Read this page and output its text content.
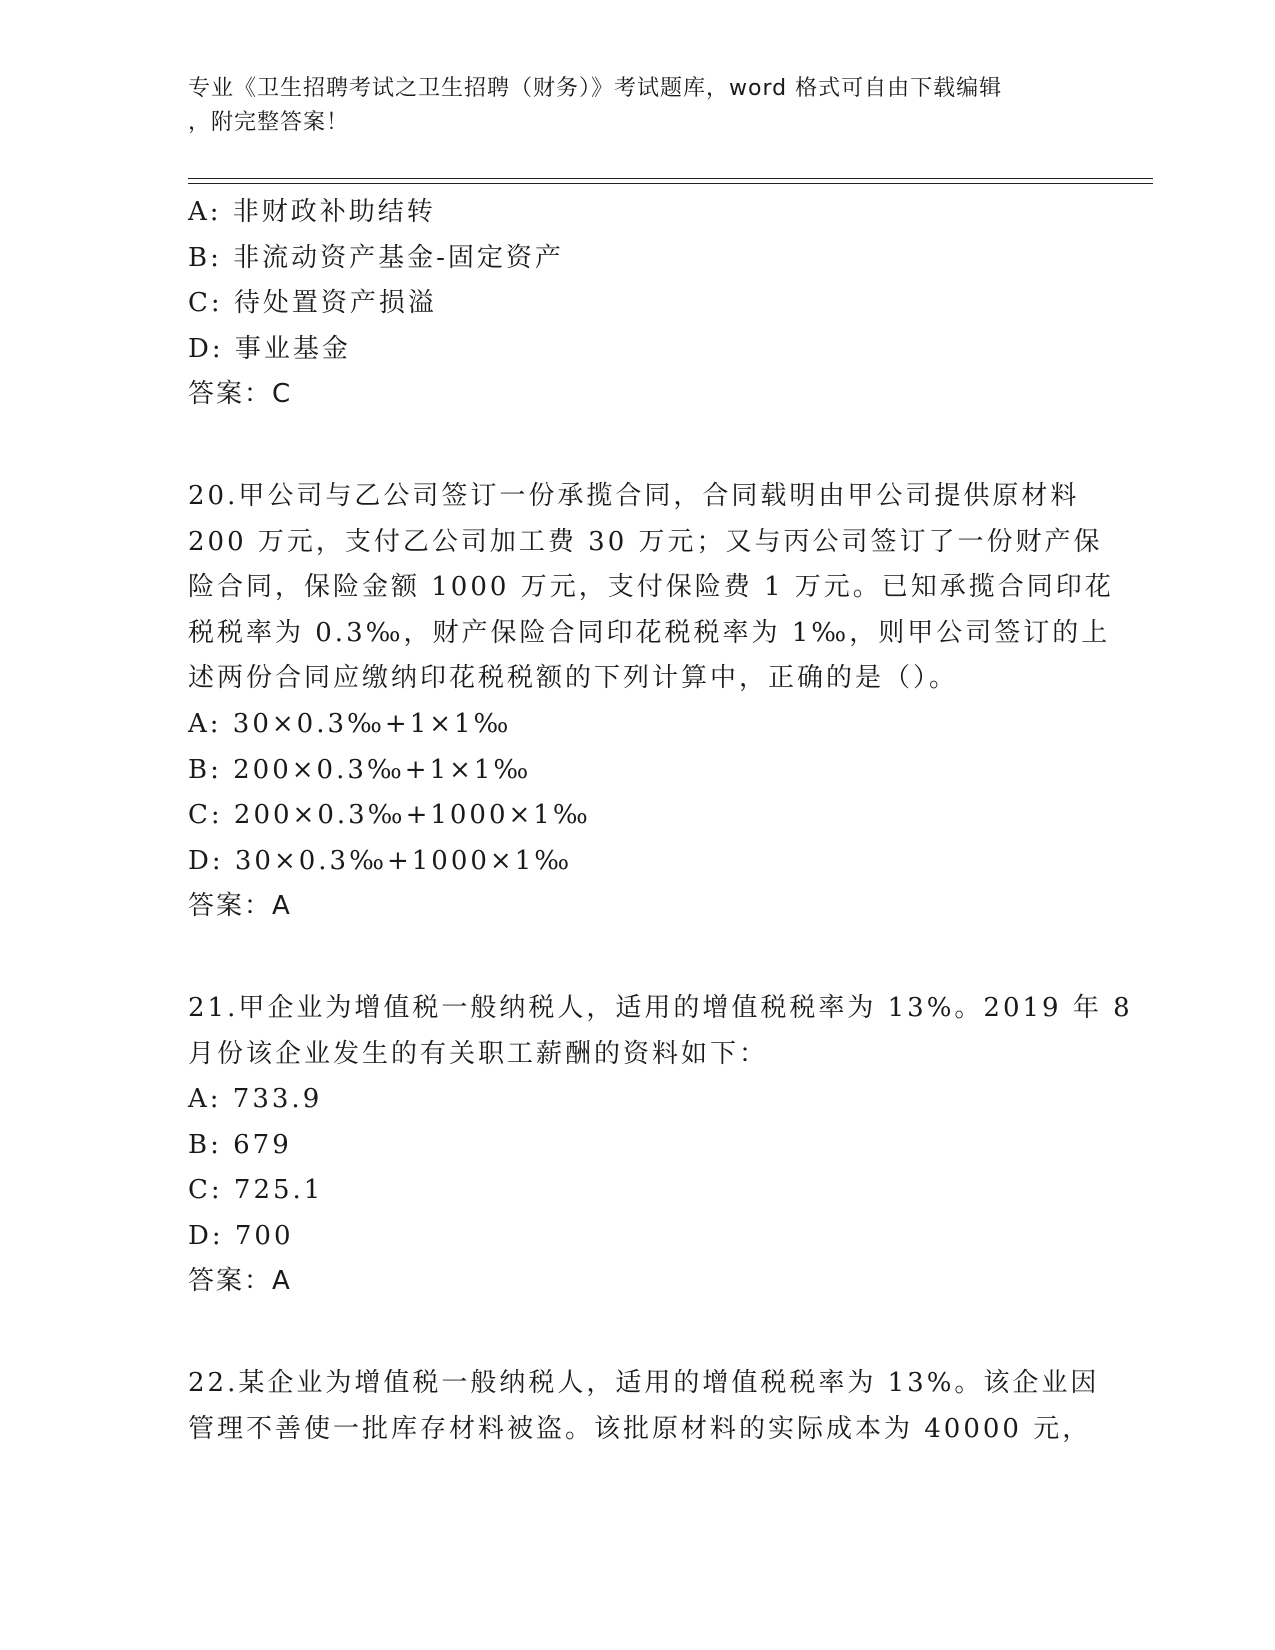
专业《卫生招聘考试之卫生招聘（财务）》考试题库，word 格式可自由下载编辑
，附完整答案！
A: 非财政补助结转
B: 非流动资产基金-固定资产
C: 待处置资产损溢
D: 事业基金
答案：C
20.甲公司与乙公司签订一份承揽合同，合同载明由甲公司提供原材料
200 万元，支付乙公司加工费 30 万元；又与丙公司签订了一份财产保
险合同，保险金额 1000 万元，支付保险费 1 万元。已知承揽合同印花
税税率为 0.3‰，财产保险合同印花税税率为 1‰，则甲公司签订的上
述两份合同应缴纳印花税税额的下列计算中，正确的是（）。
A: 30×0.3‰+1×1‰
B: 200×0.3‰+1×1‰
C: 200×0.3‰+1000×1‰
D: 30×0.3‰+1000×1‰
答案：A
21.甲企业为增值税一般纳税人，适用的增值税税率为 13%。2019 年 8
月份该企业发生的有关职工薪酬的资料如下：
A: 733.9
B: 679
C: 725.1
D: 700
答案：A
22.某企业为增值税一般纳税人，适用的增值税税率为 13%。该企业因
管理不善使一批库存材料被盗。该批原材料的实际成本为 40000 元，
